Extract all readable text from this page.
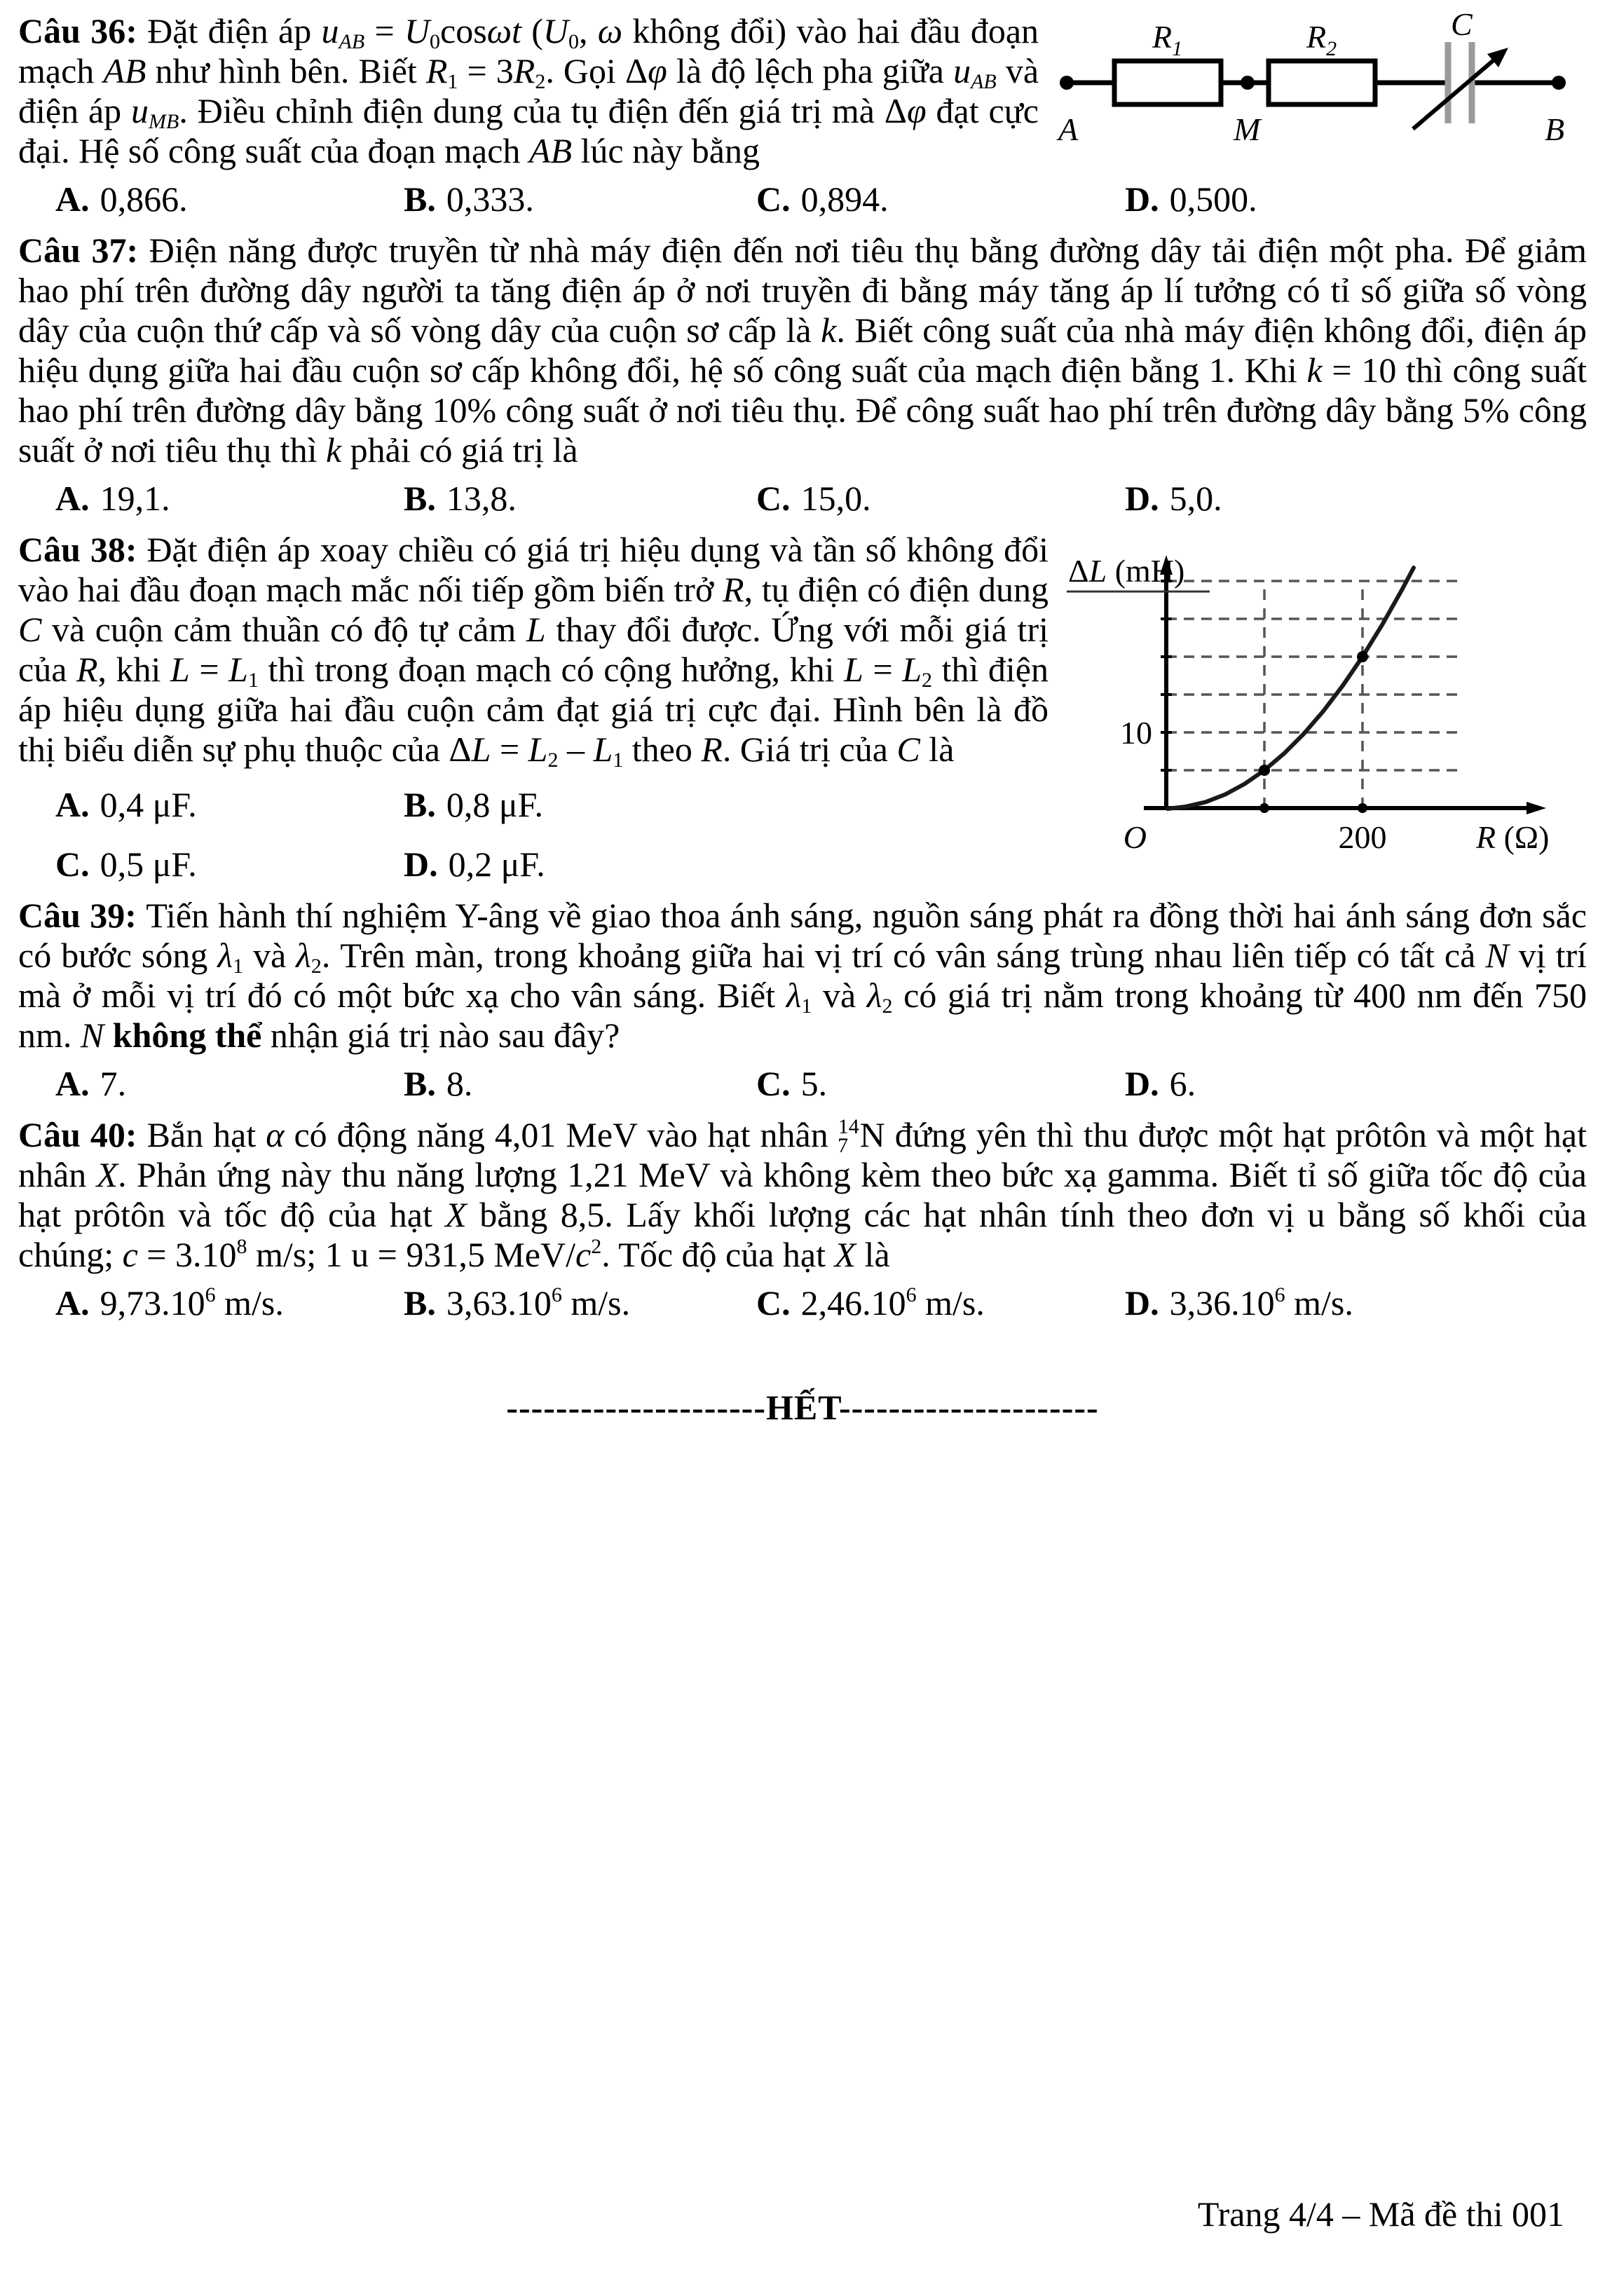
$R_1$	$R_2$
C
A	M	B

Câu 36: Đặt điện áp uAB = U0cosωt (U0, ω không đổi) vào hai đầu đoạn mạch AB như hình bên. Biết R1 = 3R2. Gọi Δφ là độ lệch pha giữa uAB và điện áp uMB. Điều chỉnh điện dung của tụ điện đến giá trị mà Δφ đạt cực đại. Hệ số công suất của đoạn mạch AB lúc này bằng

A. 0,866.	B. 0,333.	C. 0,894.	D. 0,500.

Câu 37: Điện năng được truyền từ nhà máy điện đến nơi tiêu thụ bằng đường dây tải điện một pha. Để giảm hao phí trên đường dây người ta tăng điện áp ở nơi truyền đi bằng máy tăng áp lí tưởng có tỉ số giữa số vòng dây của cuộn thứ cấp và số vòng dây của cuộn sơ cấp là k. Biết công suất của nhà máy điện không đổi, điện áp hiệu dụng giữa hai đầu cuộn sơ cấp không đổi, hệ số công suất của mạch điện bằng 1. Khi k = 10 thì công suất hao phí trên đường dây bằng 10% công suất ở nơi tiêu thụ. Để công suất hao phí trên đường dây bằng 5% công suất ở nơi tiêu thụ thì k phải có giá trị là

A. 19,1.	B. 13,8.	C. 15,0.	D. 5,0.
ΔL (mH)
10
O	200	R (Ω)

Câu 38: Đặt điện áp xoay chiều có giá trị hiệu dụng và tần số không đổi vào hai đầu đoạn mạch mắc nối tiếp gồm biến trở R, tụ điện có điện dung C và cuộn cảm thuần có độ tự cảm L thay đổi được. Ứng với mỗi giá trị của R, khi L = L1 thì trong đoạn mạch có cộng hưởng, khi L = L2 thì điện áp hiệu dụng giữa hai đầu cuộn cảm đạt giá trị cực đại. Hình bên là đồ thị biểu diễn sự phụ thuộc của ΔL = L2 – L1 theo R. Giá trị của C là

A. 0,4 μF.	B. 0,8 μF.
C. 0,5 μF.	D. 0,2 μF.

Câu 39: Tiến hành thí nghiệm Y-âng về giao thoa ánh sáng, nguồn sáng phát ra đồng thời hai ánh sáng đơn sắc có bước sóng λ1 và λ2. Trên màn, trong khoảng giữa hai vị trí có vân sáng trùng nhau liên tiếp có tất cả N vị trí mà ở mỗi vị trí đó có một bức xạ cho vân sáng. Biết λ1 và λ2 có giá trị nằm trong khoảng từ 400 nm đến 750 nm. N không thể nhận giá trị nào sau đây?

A. 7.	B. 8.	C. 5.	D. 6.

Câu 40: Bắn hạt α có động năng 4,01 MeV vào hạt nhân $^{14}$7 N đứng yên thì thu được một hạt prôtôn và một hạt nhân X. Phản ứng này thu năng lượng 1,21 MeV và không kèm theo bức xạ gamma. Biết tỉ số giữa tốc độ của hạt prôtôn và tốc độ của hạt X bằng 8,5. Lấy khối lượng các hạt nhân tính theo đơn vị u bằng số khối của chúng; $c = 3.10^8$ m/s; 1 u = 931,5 MeV/$c^2$. Tốc độ của hạt X là

A. 9,73.10$^6$ m/s.	B. 3,63.10$^6$ m/s.	C. 2,46.10$^6$ m/s.	D. 3,36.10$^6$ m/s.
---------------------HẾT---------------------
Trang 4/4 – Mã đề thi 001
